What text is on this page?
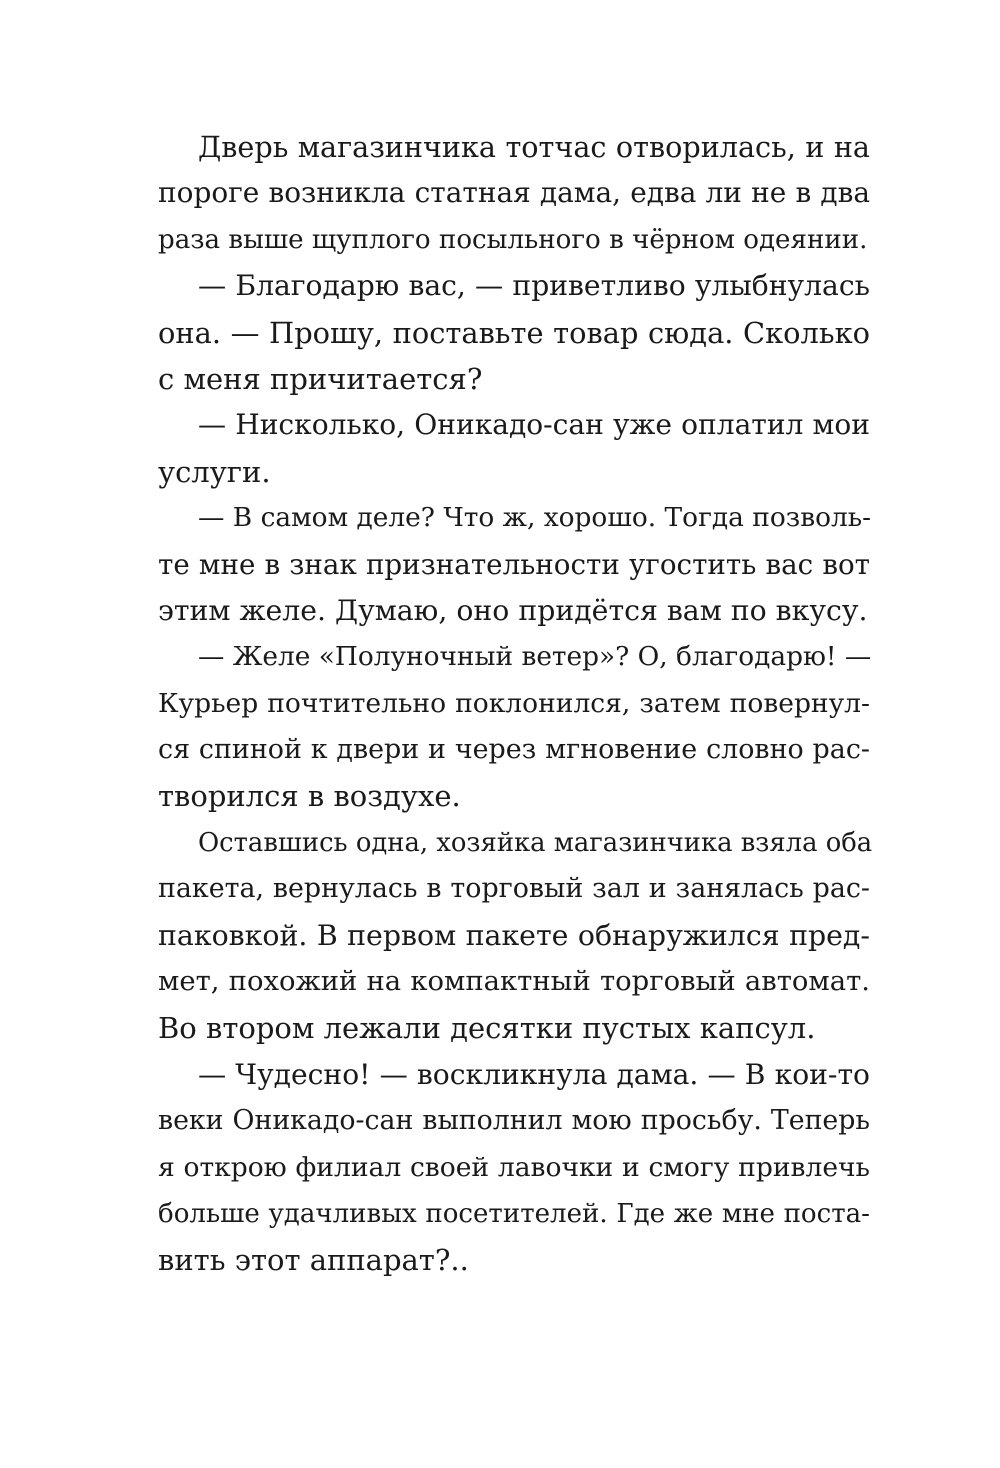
Дверь магазинчика тотчас отворилась, и на
пороге возникла статная дама, едва ли не в два
раза выше щуплого посыльного в чёрном одеянии.
— Благодарю вас, — приветливо улыбнулась
она. — Прошу, поставьте товар сюда. Сколько
с меня причитается?
— Нисколько, Оникадо-сан уже оплатил мои
услуги.
— В самом деле? Что ж, хорошо. Тогда позволь-
те мне в знак признательности угостить вас вот
этим желе. Думаю, оно придётся вам по вкусу.
— Желе «Полуночный ветер»? О, благодарю! —
Курьер почтительно поклонился, затем повернул-
ся спиной к двери и через мгновение словно рас-
творился в воздухе.
Оставшись одна, хозяйка магазинчика взяла оба
пакета, вернулась в торговый зал и занялась рас-
паковкой. В первом пакете обнаружился пред-
мет, похожий на компактный торговый автомат.
Во втором лежали десятки пустых капсул.
— Чудесно! — воскликнула дама. — В кои-то
веки Оникадо-сан выполнил мою просьбу. Теперь
я открою филиал своей лавочки и смогу привлечь
больше удачливых посетителей. Где же мне поста-
вить этот аппарат?..
